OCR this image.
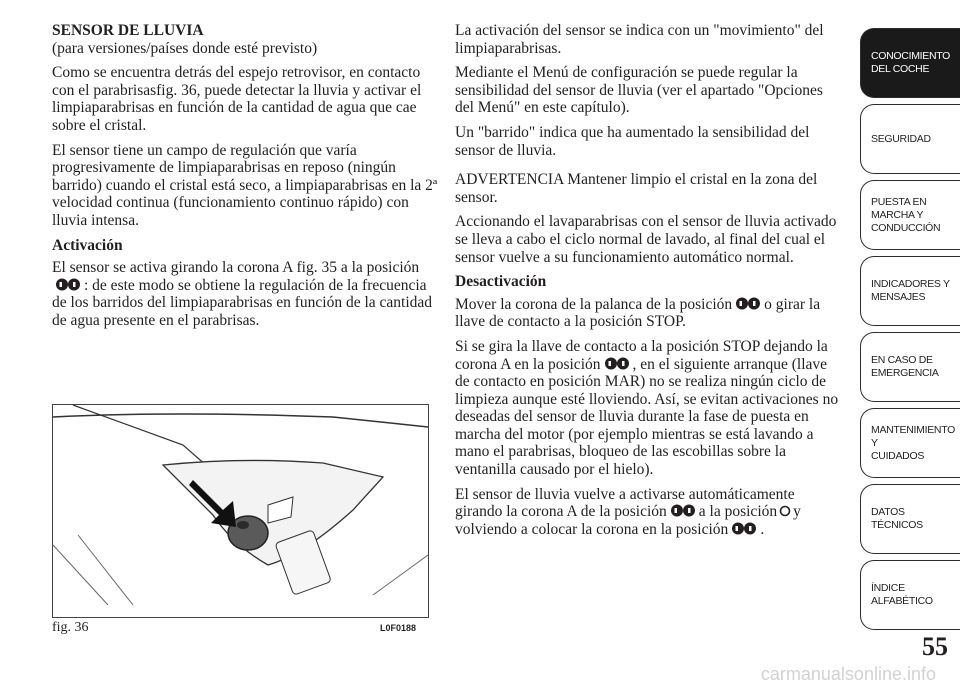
SENSOR DE LLUVIA

(para versiones/países donde esté previsto)

Como se encuentra detrás del espejo retrovisor, en contacto con el parabrisasfig. 36, puede detectar la lluvia y activar el limpiaparabrisas en función de la cantidad de agua que cae sobre el cristal.

El sensor tiene un campo de regulación que varía progresivamente de limpiaparabrisas en reposo (ningún barrido) cuando el cristal está seco, a limpiaparabrisas en la 2ª velocidad continua (funcionamiento continuo rápido) con lluvia intensa.

Activación

El sensor se activa girando la corona A fig. 35 a la posición: de este modo se obtiene la regulación de la frecuencia de los barridos del limpiaparabrisas en función de la cantidad de agua presente en el parabrisas.

fig. 36	L0F0188

La activación del sensor se indica con un "movimiento" del limpiaparabrisas.

Mediante el Menú de configuración se puede regular la sensibilidad del sensor de lluvia (ver el apartado "Opciones del Menú" en este capítulo).

Un "barrido" indica que ha aumentado la sensibilidad del sensor de lluvia.

ADVERTENCIA Mantener limpio el cristal en la zona del sensor.

Accionando el lavaparabrisas con el sensor de lluvia activado se lleva a cabo el ciclo normal de lavado, al final del cual el sensor vuelve a su funcionamiento automático normal.

Desactivación

Mover la corona de la palanca de la posición o girar la llave de contacto a la posición STOP.

Si se gira la llave de contacto a la posición STOP dejando la corona A en la posición , en el siguiente arranque (llave de contacto en posición MAR) no se realiza ningún ciclo de limpieza aunque esté lloviendo. Así, se evitan activaciones no deseadas del sensor de lluvia durante la fase de puesta en marcha del motor (por ejemplo mientras se está lavando a mano el parabrisas, bloqueo de las escobillas sobre la ventanilla causado por el hielo).

El sensor de lluvia vuelve a activarse automáticamente girando la corona A de la posición a la posición y volviendo a colocar la corona en la posición .

CONOCIMIENTO
DEL COCHE
SEGURIDAD
PUESTA EN
MARCHA Y
CONDUCCIÓN
INDICADORES Y
MENSAJES
EN CASO DE
EMERGENCIA
MANTENIMIENTO Y
CUIDADOS
DATOS TÉCNICOS
ÍNDICE
ALFABÉTICO
55
carmanualsonline.info
